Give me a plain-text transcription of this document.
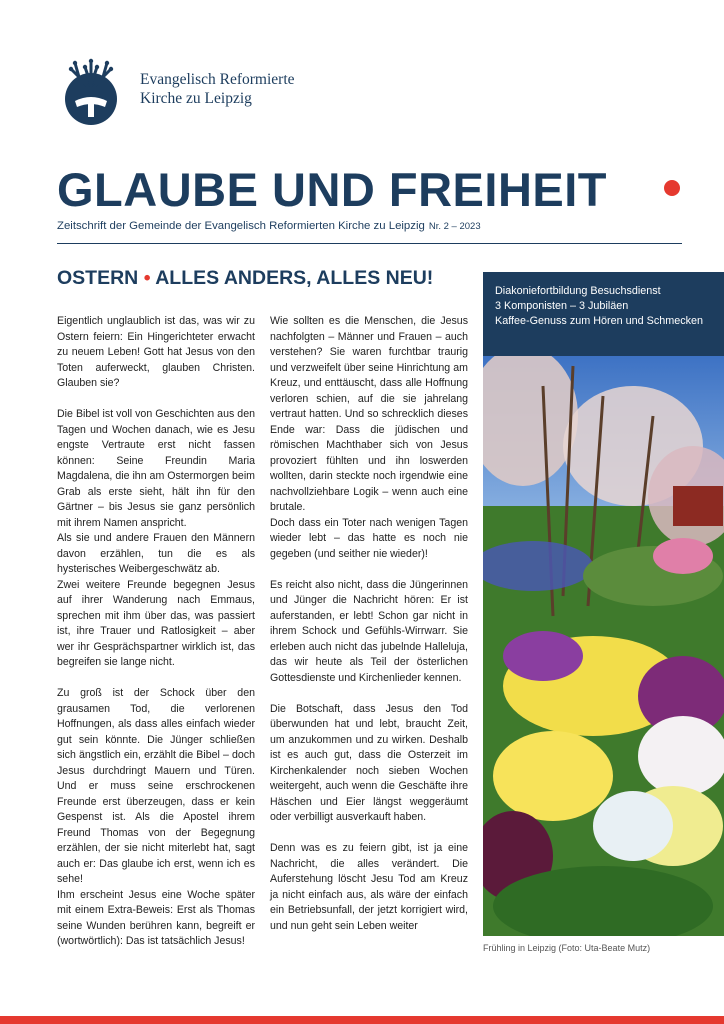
Evangelisch Reformierte
Kirche zu Leipzig
GLAUBE UND FREIHEIT
Zeitschrift der Gemeinde der Evangelisch Reformierten Kirche zu Leipzig Nr. 2 – 2023
OSTERN • ALLES ANDERS, ALLES NEU!

Eigentlich unglaublich ist das, was wir zu Ostern feiern: Ein Hingerichteter erwacht zu neuem Leben! Gott hat Jesus von den Toten auferweckt, glauben Christen. Glauben sie?

Die Bibel ist voll von Geschichten aus den Tagen und Wochen danach, wie es Jesu engste Vertraute erst nicht fassen können: Seine Freundin Maria Magdalena, die ihn am Ostermorgen beim Grab als erste sieht, hält ihn für den Gärtner – bis Jesus sie ganz persönlich mit ihrem Namen anspricht.

Als sie und andere Frauen den Männern davon erzählen, tun die es als hysterisches Weibergeschwätz ab.

Zwei weitere Freunde begegnen Jesus auf ihrer Wanderung nach Emmaus, sprechen mit ihm über das, was passiert ist, ihre Trauer und Ratlosigkeit – aber wer ihr Gesprächspartner wirklich ist, das begreifen sie lange nicht.

Zu groß ist der Schock über den grausamen Tod, die verlorenen Hoffnungen, als dass alles einfach wieder gut sein könnte. Die Jünger schließen sich ängstlich ein, erzählt die Bibel – doch Jesus durchdringt Mauern und Türen. Und er muss seine erschrockenen Freunde erst überzeugen, dass er kein Gespenst ist. Als die Apostel ihrem Freund Thomas von der Begegnung erzählen, der sie nicht miterlebt hat, sagt auch er: Das glaube ich erst, wenn ich es sehe!

Ihm erscheint Jesus eine Woche später mit einem Extra-Beweis: Erst als Thomas seine Wunden berühren kann, begreift er (wortwörtlich): Das ist tatsächlich Jesus!

Wie sollten es die Menschen, die Jesus nachfolgten – Männer und Frauen – auch verstehen? Sie waren furchtbar traurig und verzweifelt über seine Hinrichtung am Kreuz, und enttäuscht, dass alle Hoffnung verloren schien, auf die sie jahrelang vertraut hatten. Und so schrecklich dieses Ende war: Dass die jüdischen und römischen Machthaber sich von Jesus provoziert fühlten und ihn loswerden wollten, darin steckte noch irgendwie eine nachvollziehbare Logik – wenn auch eine brutale.

Doch dass ein Toter nach wenigen Tagen wieder lebt – das hatte es noch nie gegeben (und seither nie wieder)!

Es reicht also nicht, dass die Jüngerinnen und Jünger die Nachricht hören: Er ist auferstanden, er lebt! Schon gar nicht in ihrem Schock und Gefühls-Wirrwarr. Sie erleben auch nicht das jubelnde Halleluja, das wir heute als Teil der österlichen Gottesdienste und Kirchenlieder kennen.

Die Botschaft, dass Jesus den Tod überwunden hat und lebt, braucht Zeit, um anzukommen und zu wirken. Deshalb ist es auch gut, dass die Osterzeit im Kirchenkalender noch sieben Wochen weitergeht, auch wenn die Geschäfte ihre Häschen und Eier längst weggeräumt oder verbilligt ausverkauft haben.

Denn was es zu feiern gibt, ist ja eine Nachricht, die alles verändert. Die Auferstehung löscht Jesu Tod am Kreuz ja nicht einfach aus, als wäre der einfach ein Betriebsunfall, der jetzt korrigiert wird, und nun geht sein Leben weiter

Diakoniefortbildung Besuchsdienst
3 Komponisten – 3 Jubiläen
Kaffee-Genuss zum Hören und Schmecken
Frühling in Leipzig (Foto: Uta-Beate Mutz)
